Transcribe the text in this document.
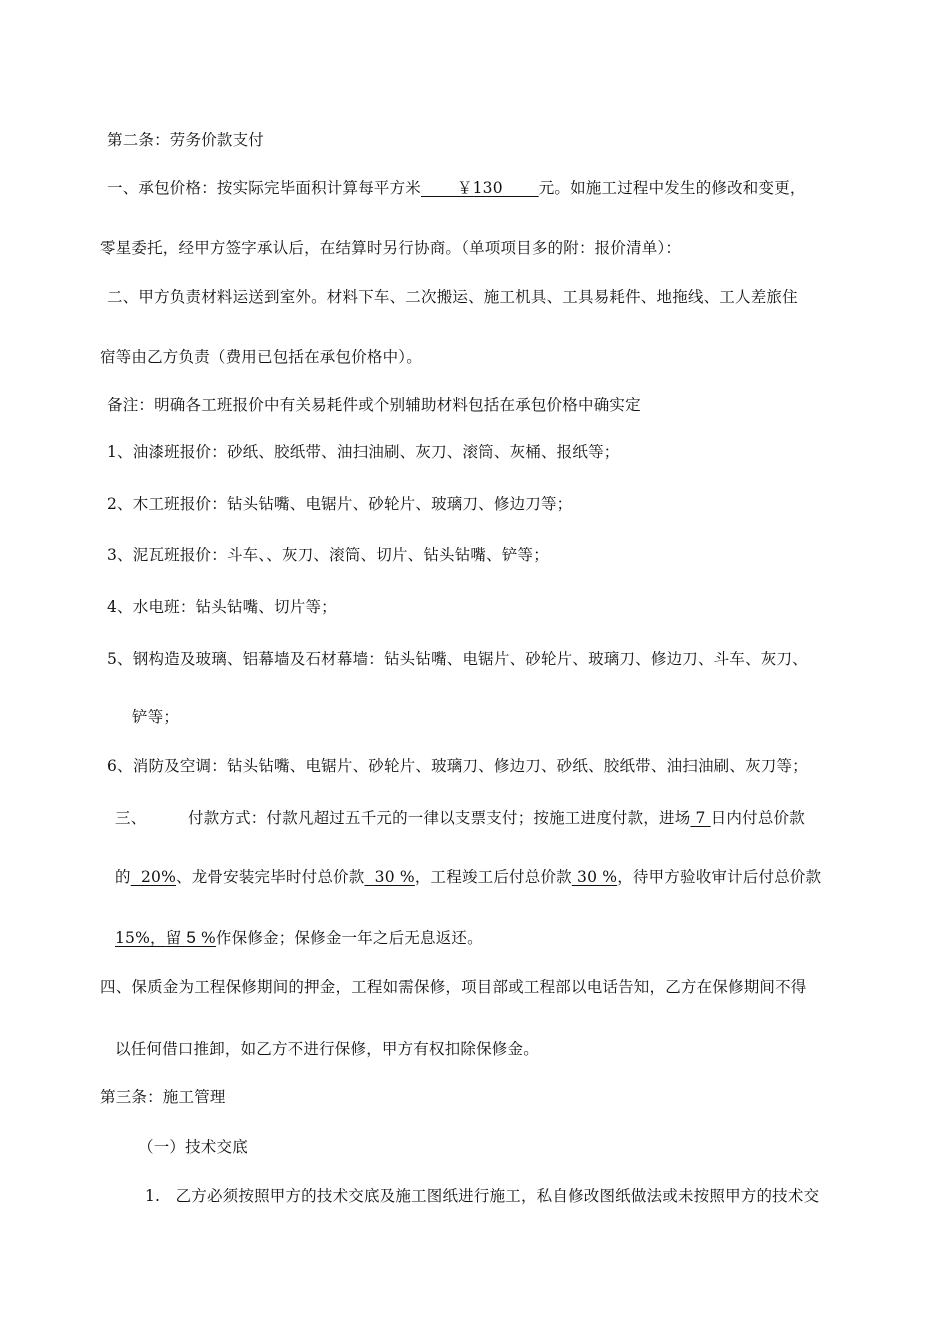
第二条：劳务价款支付
一、承包价格：按实际完毕面积计算每平方米       ￥130       元。如施工过程中发生的修改和变更，
零星委托，经甲方签字承认后，在结算时另行协商。（单项项目多的附：报价清单）：
二、甲方负责材料运送到室外。材料下车、二次搬运、施工机具、工具易耗件、地拖线、工人差旅住
宿等由乙方负责（费用已包括在承包价格中）。
备注：明确各工班报价中有关易耗件或个别辅助材料包括在承包价格中确实定
1、油漆班报价：砂纸、胶纸带、油扫油刷、灰刀、滚筒、灰桶、报纸等；
2、木工班报价：钻头钻嘴、电锯片、砂轮片、玻璃刀、修边刀等；
3、泥瓦班报价：斗车、、灰刀、滚筒、切片、钻头钻嘴、铲等；
4、水电班：钻头钻嘴、切片等；
5、钢构造及玻璃、铝幕墙及石材幕墙：钻头钻嘴、电锯片、砂轮片、玻璃刀、修边刀、斗车、灰刀、
铲等；
6、消防及空调：钻头钻嘴、电锯片、砂轮片、玻璃刀、修边刀、砂纸、胶纸带、油扫油刷、灰刀等；
三、	付款方式：付款凡超过五千元的一律以支票支付；按施工进度付款，进场 7 日内付总价款
的  20%、龙骨安装完毕时付总价款  30 %，工程竣工后付总价款 30 %，待甲方验收审计后付总价款
15%，留 5 %作保修金；保修金一年之后无息返还。
四、保质金为工程保修期间的押金，工程如需保修，项目部或工程部以电话告知，乙方在保修期间不得
以任何借口推卸，如乙方不进行保修，甲方有权扣除保修金。
第三条：施工管理
（一）技术交底
1.   乙方必须按照甲方的技术交底及施工图纸进行施工，私自修改图纸做法或未按照甲方的技术交
